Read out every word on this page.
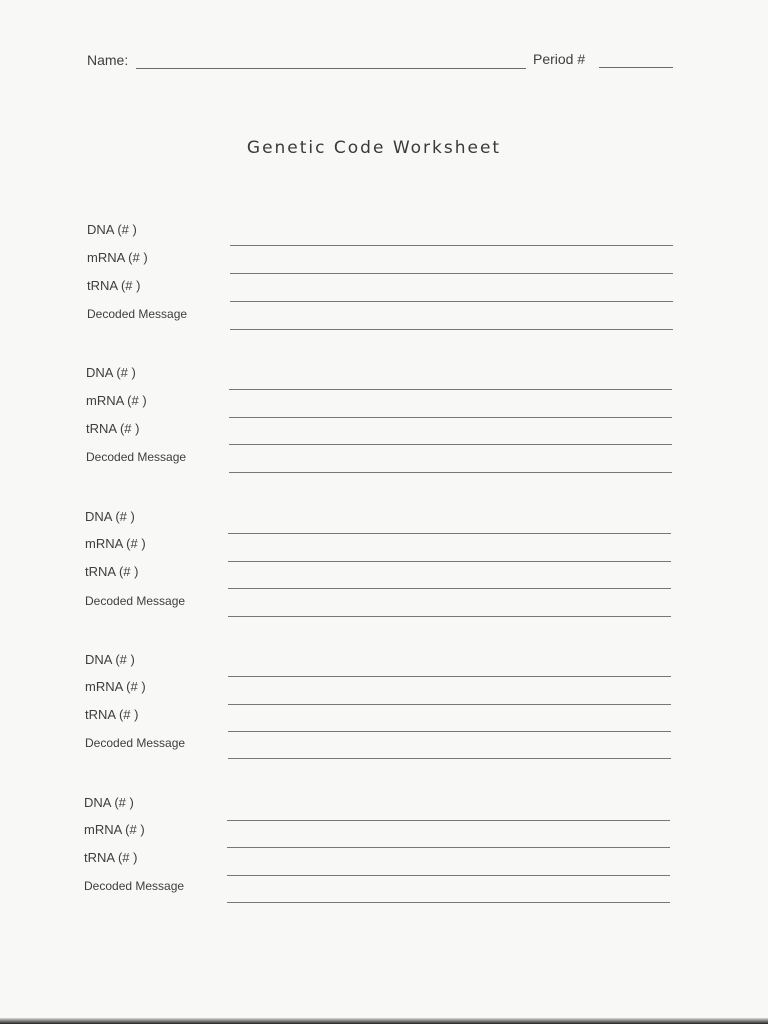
Name:	Period #
Genetic Code Worksheet
DNA (# )
mRNA (# )
tRNA (# )
Decoded Message
DNA (# )
mRNA (# )
tRNA (# )
Decoded Message
DNA (# )
mRNA (# )
tRNA (# )
Decoded Message
DNA (# )
mRNA (# )
tRNA (# )
Decoded Message
DNA (# )
mRNA (# )
tRNA (# )
Decoded Message
